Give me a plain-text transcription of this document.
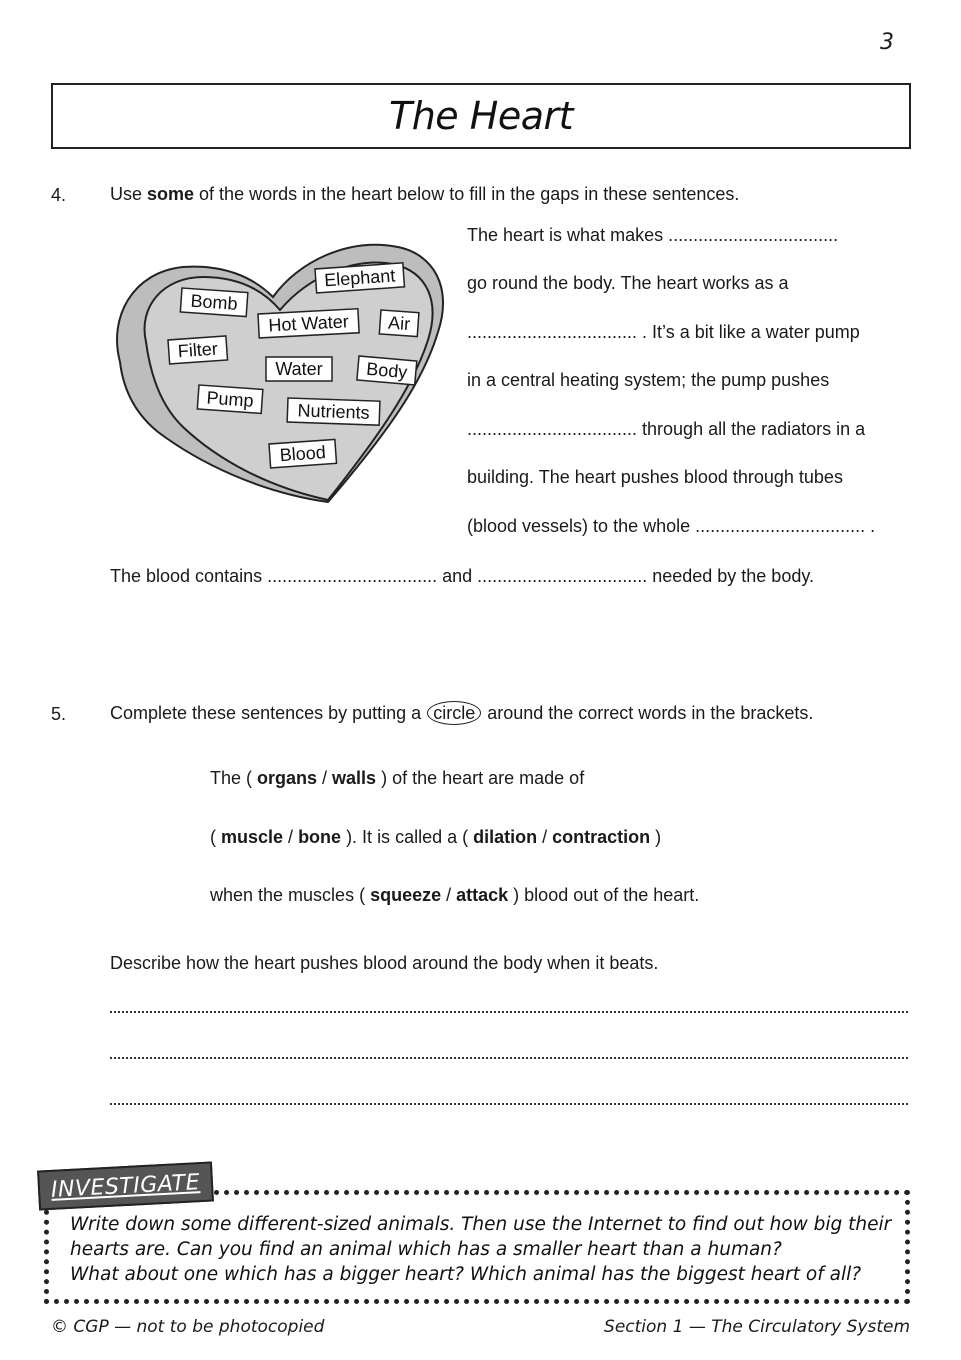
3
The Heart
4. Use some of the words in the heart below to fill in the gaps in these sentences.
Elephant
Bomb
Hot Water Air
Filter
Water Body
Pump
Nutrients
Blood
The heart is what makes ..................................
go round the body. The heart works as a
.................................. . It’s a bit like a water pump
in a central heating system; the pump pushes
.................................. through all the radiators in a
building. The heart pushes blood through tubes
(blood vessels) to the whole .................................. .
The blood contains .................................. and .................................. needed by the body.
5. Complete these sentences by putting a circle around the correct words in the brackets.
The ( organs / walls ) of the heart are made of
( muscle / bone ). It is called a ( dilation / contraction )
when the muscles ( squeeze / attack ) blood out of the heart.
Describe how the heart pushes blood around the body when it beats.
INVESTIGATE
Write down some different-sized animals. Then use the Internet to find out how big their
hearts are. Can you find an animal which has a smaller heart than a human?
What about one which has a bigger heart? Which animal has the biggest heart of all?
© CGP — not to be photocopied	Section 1 — The Circulatory System
